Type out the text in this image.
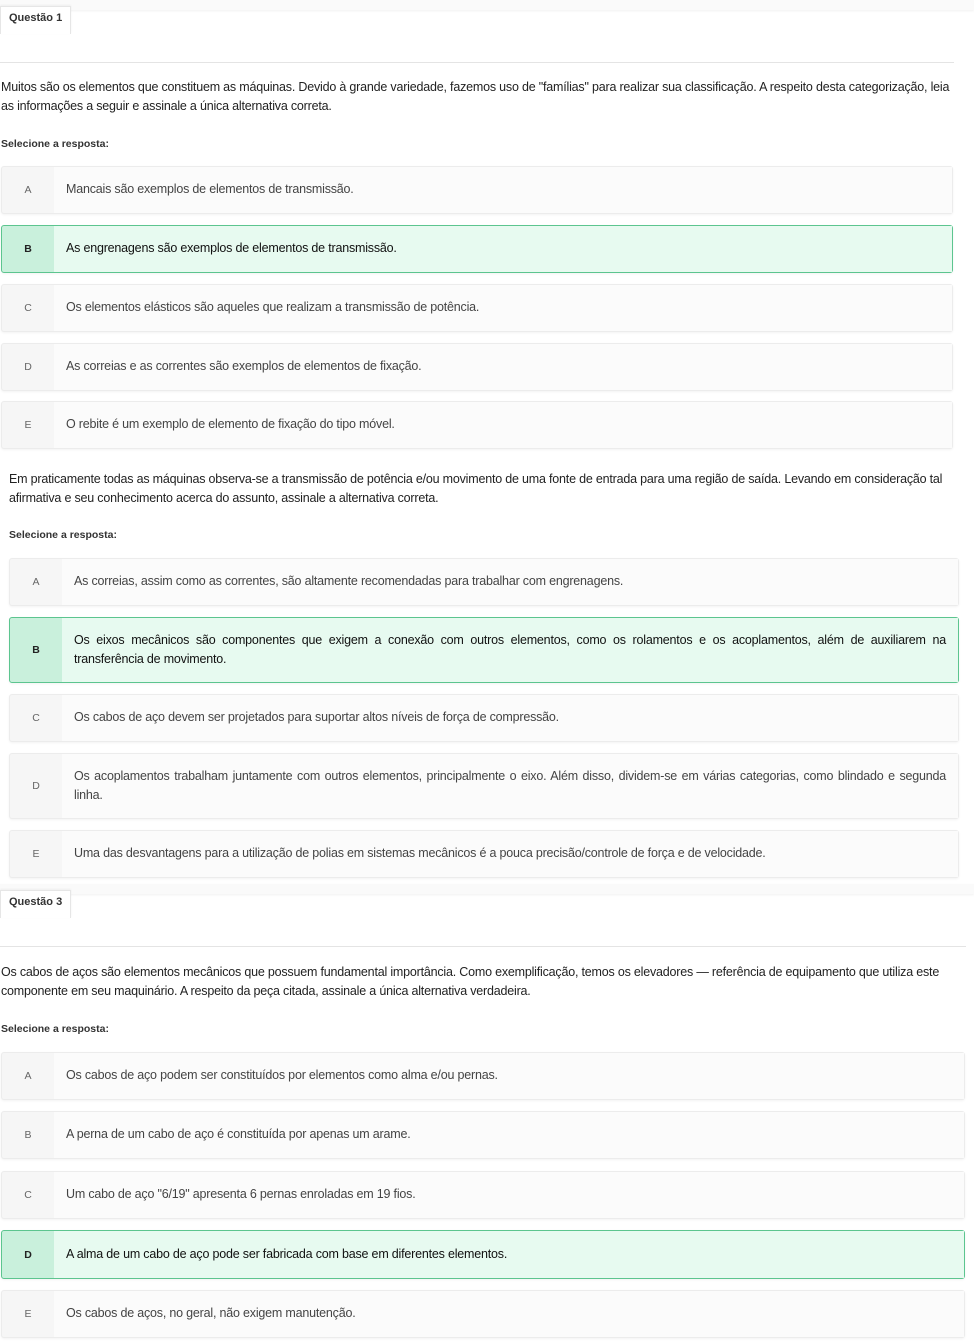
Questão 1
Muitos são os elementos que constituem as máquinas. Devido à grande variedade, fazemos uso de "famílias" para realizar sua classificação. A respeito desta categorização, leia as informações a seguir e assinale a única alternativa correta.
Selecione a resposta:
A	Mancais são exemplos de elementos de transmissão.
B	As engrenagens são exemplos de elementos de transmissão.
C	Os elementos elásticos são aqueles que realizam a transmissão de potência.
D	As correias e as correntes são exemplos de elementos de fixação.
E	O rebite é um exemplo de elemento de fixação do tipo móvel.
Em praticamente todas as máquinas observa-se a transmissão de potência e/ou movimento de uma fonte de entrada para uma região de saída. Levando em consideração tal afirmativa e seu conhecimento acerca do assunto, assinale a alternativa correta.
Selecione a resposta:
A	As correias, assim como as correntes, são altamente recomendadas para trabalhar com engrenagens.
B
Os eixos mecânicos são componentes que exigem a conexão com outros elementos, como os rolamentos e os acoplamentos, além de auxiliarem na transferência de movimento.
C	Os cabos de aço devem ser projetados para suportar altos níveis de força de compressão.
D
Os acoplamentos trabalham juntamente com outros elementos, principalmente o eixo. Além disso, dividem-se em várias categorias, como blindado e segunda linha.
E	Uma das desvantagens para a utilização de polias em sistemas mecânicos é a pouca precisão/controle de força e de velocidade.
Questão 3
Os cabos de aços são elementos mecânicos que possuem fundamental importância. Como exemplificação, temos os elevadores — referência de equipamento que utiliza este componente em seu maquinário. A respeito da peça citada, assinale a única alternativa verdadeira.
Selecione a resposta:
A	Os cabos de aço podem ser constituídos por elementos como alma e/ou pernas.
B	A perna de um cabo de aço é constituída por apenas um arame.
C	Um cabo de aço "6/19" apresenta 6 pernas enroladas em 19 fios.
D	A alma de um cabo de aço pode ser fabricada com base em diferentes elementos.
E	Os cabos de aços, no geral, não exigem manutenção.
